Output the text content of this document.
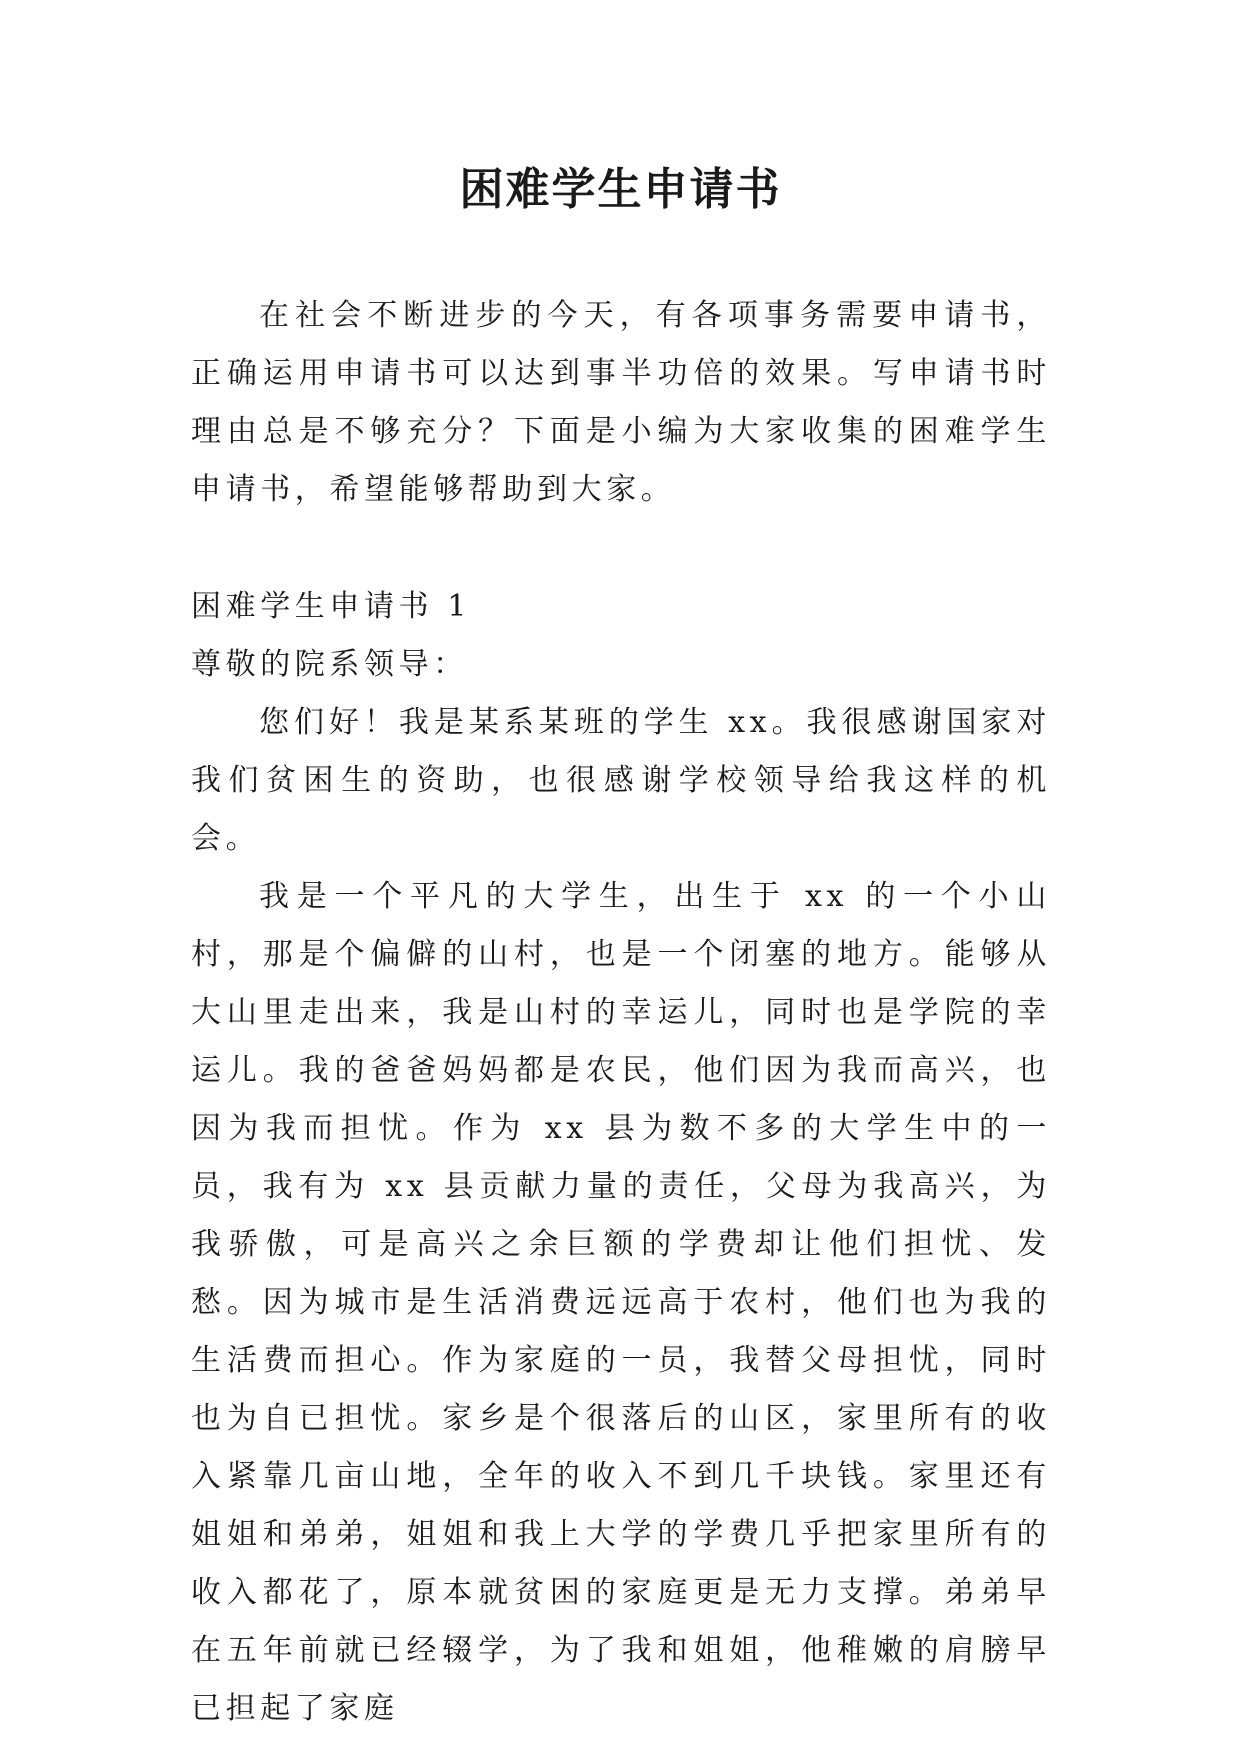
困难学生申请书

在社会不断进步的今天，有各项事务需要申请书，正确运用申请书可以达到事半功倍的效果。写申请书时理由总是不够充分？下面是小编为大家收集的困难学生申请书，希望能够帮助到大家。

困难学生申请书 1

尊敬的院系领导：

您们好！我是某系某班的学生 xx。我很感谢国家对我们贫困生的资助，也很感谢学校领导给我这样的机会。

我是一个平凡的大学生，出生于 xx 的一个小山村，那是个偏僻的山村，也是一个闭塞的地方。能够从大山里走出来，我是山村的幸运儿，同时也是学院的幸运儿。我的爸爸妈妈都是农民，他们因为我而高兴，也因为我而担忧。作为 xx 县为数不多的大学生中的一员，我有为 xx 县贡献力量的责任，父母为我高兴，为我骄傲，可是高兴之余巨额的学费却让他们担忧、发愁。因为城市是生活消费远远高于农村，他们也为我的生活费而担心。作为家庭的一员，我替父母担忧，同时也为自已担忧。家乡是个很落后的山区，家里所有的收入紧靠几亩山地，全年的收入不到几千块钱。家里还有姐姐和弟弟，姐姐和我上大学的学费几乎把家里所有的收入都花了，原本就贫困的家庭更是无力支撑。弟弟早在五年前就已经辍学，为了我和姐姐，他稚嫩的肩膀早已担起了家庭
